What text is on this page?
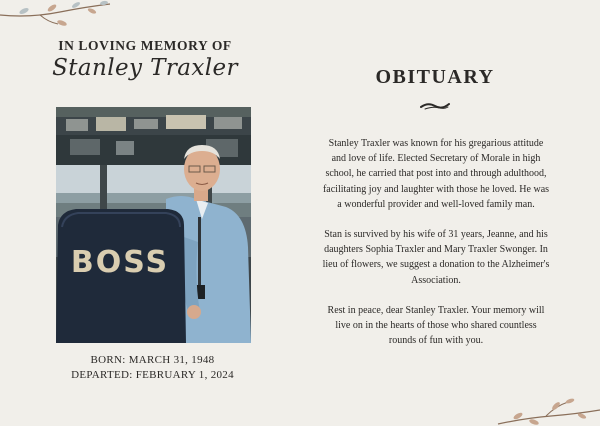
IN LOVING MEMORY OF
Stanley Traxler
BOSS
BORN: MARCH 31, 1948
DEPARTED: FEBRUARY 1, 2024
OBITUARY

Stanley Traxler was known for his gregarious attitude and love of life. Elected Secretary of Morale in high school, he carried that post into and through adulthood, facilitating joy and laughter with those he loved. He was a wonderful provider and well-loved family man.

Stan is survived by his wife of 31 years, Jeanne, and his daughters Sophia Traxler and Mary Traxler Swonger. In lieu of flowers, we suggest a donation to the Alzheimer's Association.

Rest in peace, dear Stanley Traxler. Your memory will live on in the hearts of those who shared countless rounds of fun with you.
